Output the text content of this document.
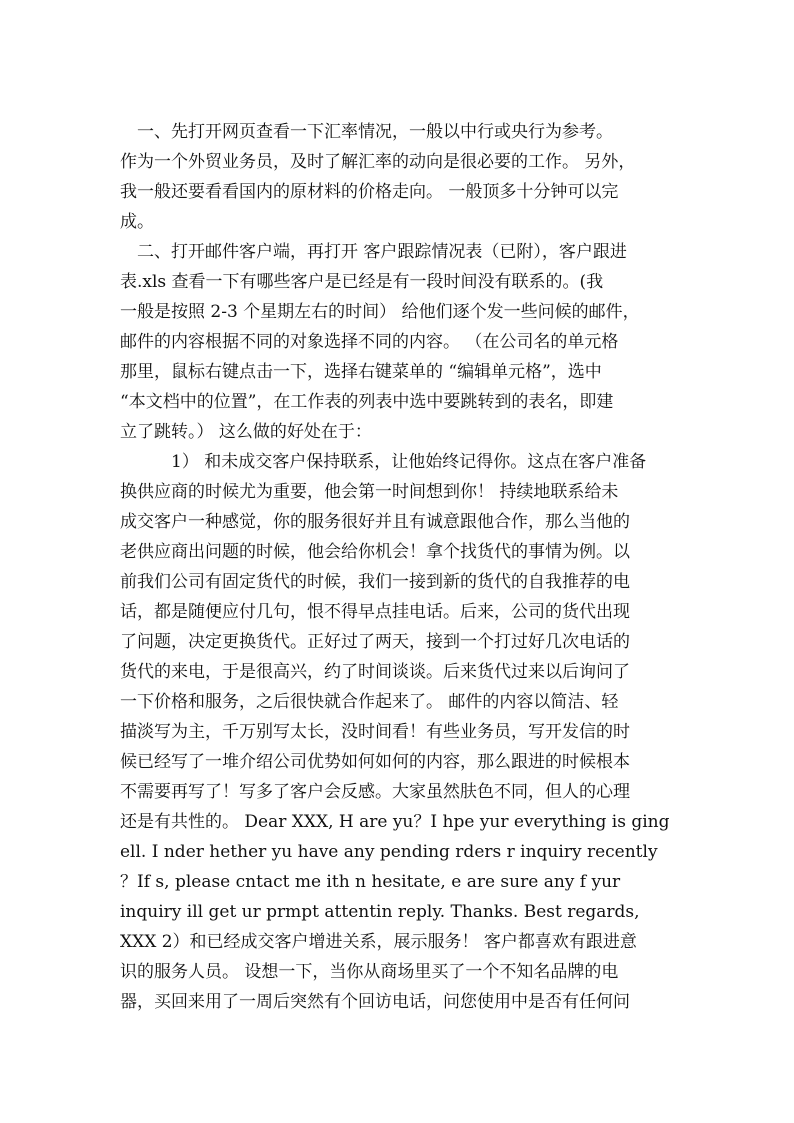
　一、先打开网页查看一下汇率情况，一般以中行或央行为参考。
作为一个外贸业务员，及时了解汇率的动向是很必要的工作。 另外，
我一般还要看看国内的原材料的价格走向。 一般顶多十分钟可以完
成。
　二、打开邮件客户端，再打开 客户跟踪情况表（已附），客户跟进
表.xls 查看一下有哪些客户是已经是有一段时间没有联系的。(我
一般是按照 2-3 个星期左右的时间） 给他们逐个发一些问候的邮件，
邮件的内容根据不同的对象选择不同的内容。 （在公司名的单元格
那里，鼠标右键点击一下，选择右键菜单的 “编辑单元格”，选中
“本文档中的位置”，在工作表的列表中选中要跳转到的表名，即建
立了跳转。） 这么做的好处在于：
　　　1） 和未成交客户保持联系，让他始终记得你。这点在客户准备
换供应商的时候尤为重要，他会第一时间想到你！ 持续地联系给未
成交客户一种感觉，你的服务很好并且有诚意跟他合作，那么当他的
老供应商出问题的时候，他会给你机会！拿个找货代的事情为例。以
前我们公司有固定货代的时候，我们一接到新的货代的自我推荐的电
话，都是随便应付几句，恨不得早点挂电话。后来，公司的货代出现
了问题，决定更换货代。正好过了两天，接到一个打过好几次电话的
货代的来电，于是很高兴，约了时间谈谈。后来货代过来以后询问了
一下价格和服务，之后很快就合作起来了。 邮件的内容以简洁、轻
描淡写为主，千万别写太长，没时间看！有些业务员，写开发信的时
候已经写了一堆介绍公司优势如何如何的内容，那么跟进的时候根本
不需要再写了！写多了客户会反感。大家虽然肤色不同，但人的心理
还是有共性的。 Dear XXX, H are yu？I hpe yur everything is ging
ell. I nder hether yu have any pending rders r inquiry recently
？If s, please cntact me ith n hesitate, e are sure any f yur
inquiry ill get ur prmpt attentin reply. Thanks. Best regards,
XXX 2）和已经成交客户增进关系，展示服务！ 客户都喜欢有跟进意
识的服务人员。 设想一下，当你从商场里买了一个不知名品牌的电
器，买回来用了一周后突然有个回访电话，问您使用中是否有任何问
